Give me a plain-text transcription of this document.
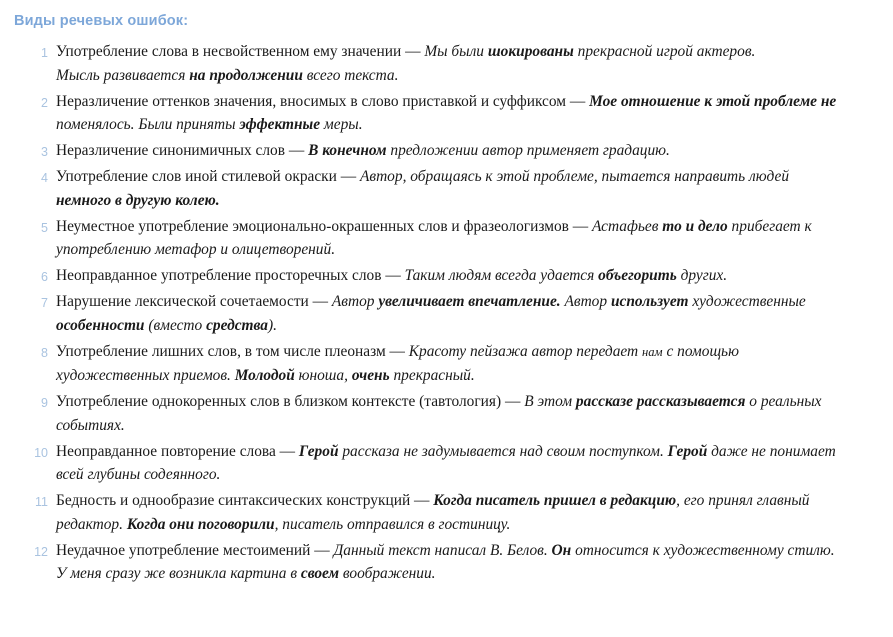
Виды речевых ошибок:
Употребление слова в несвойственном ему значении — Мы были шокированы прекрасной игрой актеров.
Мысль развивается на продолжении всего текста.
Неразличение оттенков значения, вносимых в слово приставкой и суффиксом — Мое отношение к этой проблеме не поменялось. Были приняты эффектные меры.
Неразличение синонимичных слов — В конечном предложении автор применяет градацию.
Употребление слов иной стилевой окраски — Автор, обращаясь к этой проблеме, пытается направить людей немного в другую колею.
Неуместное употребление эмоционально-окрашенных слов и фразеологизмов — Астафьев то и дело прибегает к употреблению метафор и олицетворений.
Неоправданное употребление просторечных слов — Таким людям всегда удается объегорить других.
Нарушение лексической сочетаемости — Автор увеличивает впечатление. Автор использует художественные особенности (вместо средства).
Употребление лишних слов, в том числе плеоназм — Красоту пейзажа автор передает нам с помощью художественных приемов. Молодой юноша, очень прекрасный.
Употребление однокоренных слов в близком контексте (тавтология) — В этом рассказе рассказывается о реальных событиях.
Неоправданное повторение слова — Герой рассказа не задумывается над своим поступком. Герой даже не понимает всей глубины содеянного.
Бедность и однообразие синтаксических конструкций — Когда писатель пришел в редакцию, его принял главный редактор. Когда они поговорили, писатель отправился в гостиницу.
Неудачное употребление местоимений — Данный текст написал В. Белов. Он относится к художественному стилю. У меня сразу же возникла картина в своем воображении.
